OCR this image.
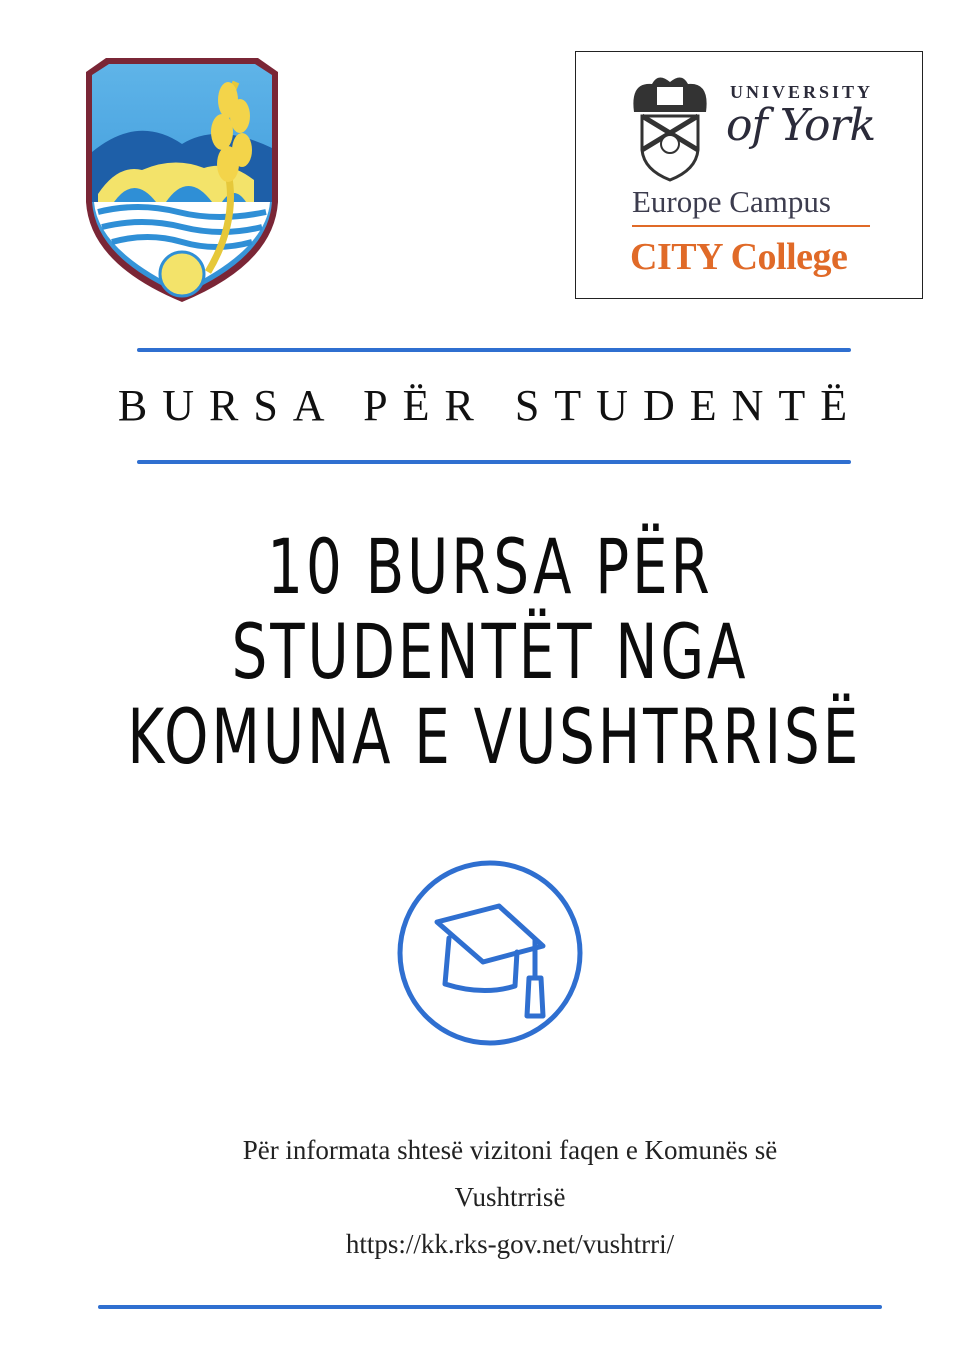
UNIVERSITY
of York
Europe Campus
CITY College
BURSA PËR STUDENTË
10 BURSA PËR
STUDENTËT NGA
KOMUNA E VUSHTRRISË
Për informata shtesë vizitoni faqen e Komunës së
Vushtrrisë
https://kk.rks-gov.net/vushtrri/
